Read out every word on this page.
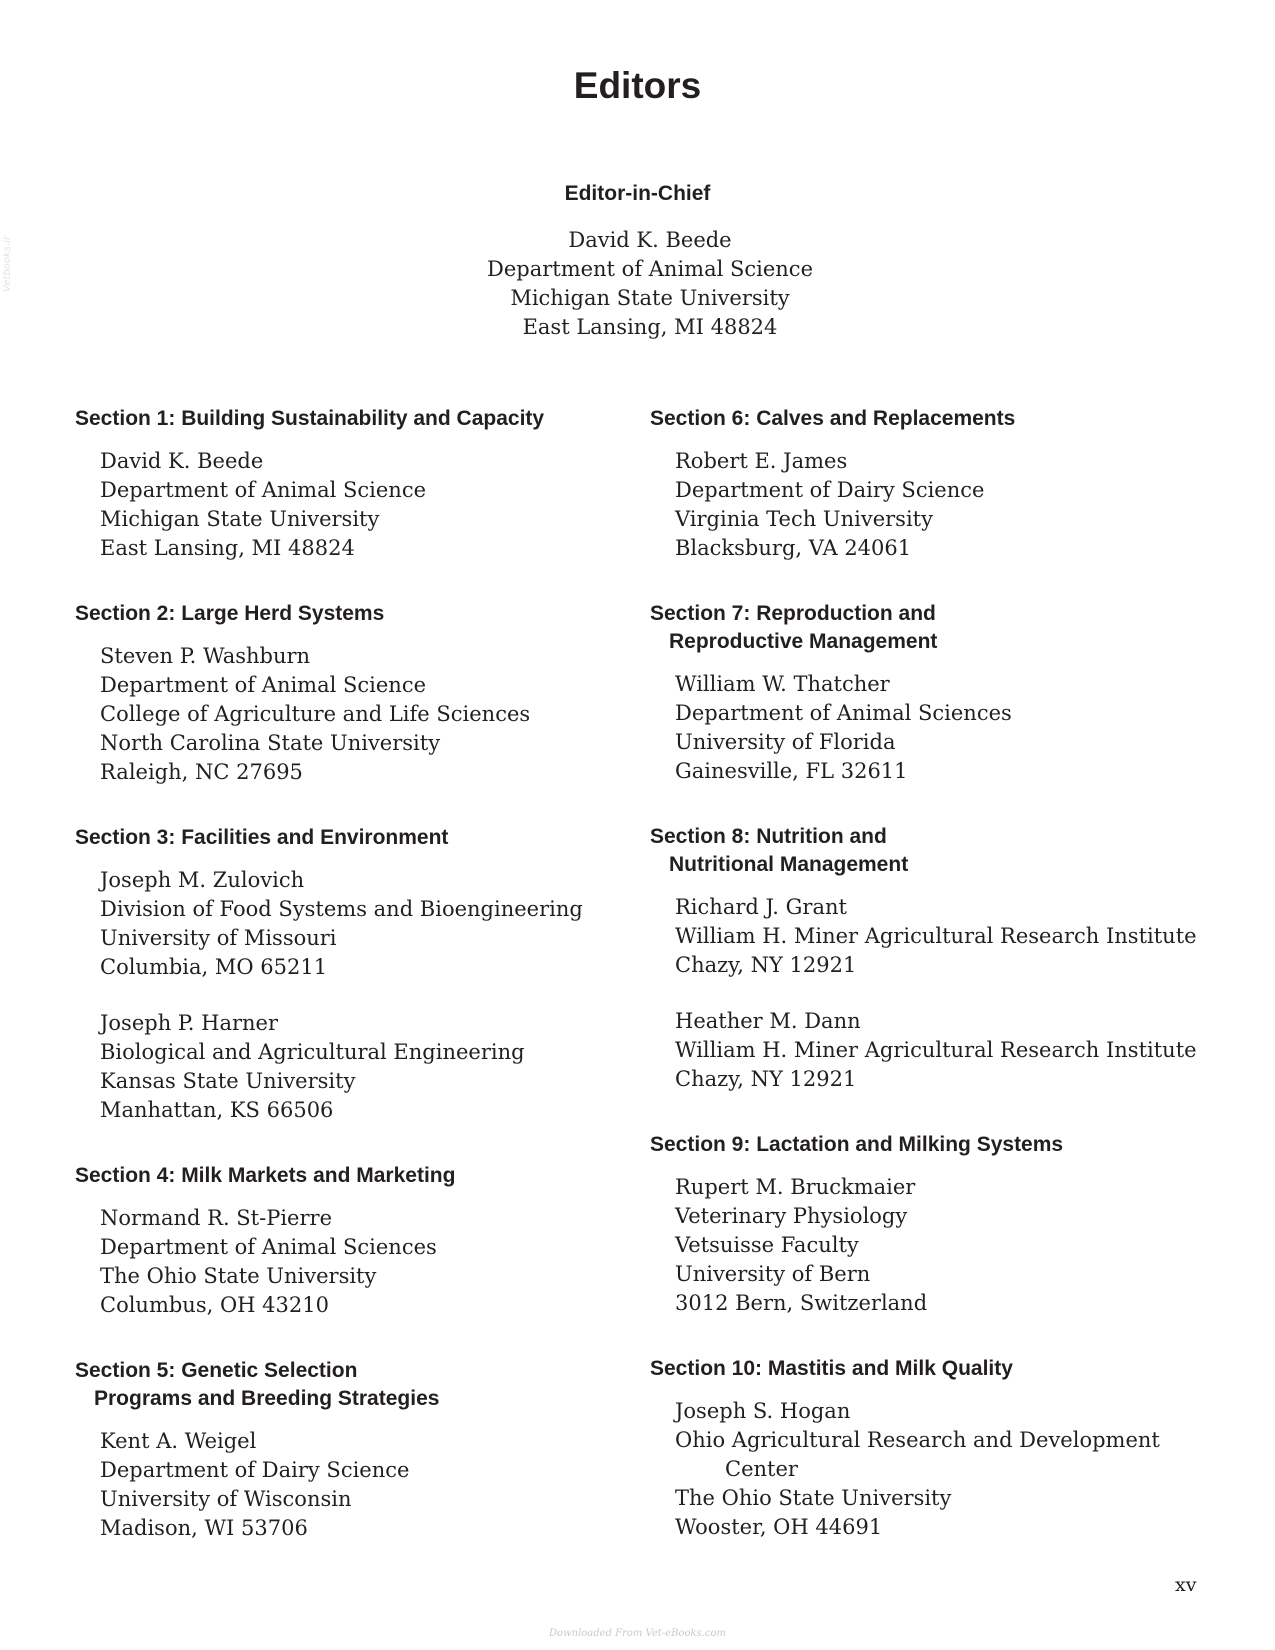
Vetbooks.ir
Editors
Editor-in-Chief
David K. Beede
Department of Animal Science
Michigan State University
East Lansing, MI 48824
Section 1: Building Sustainability and Capacity
David K. Beede
Department of Animal Science
Michigan State University
East Lansing, MI 48824
Section 2: Large Herd Systems
Steven P. Washburn
Department of Animal Science
College of Agriculture and Life Sciences
North Carolina State University
Raleigh, NC 27695
Section 3: Facilities and Environment
Joseph M. Zulovich
Division of Food Systems and Bioengineering
University of Missouri
Columbia, MO 65211
Joseph P. Harner
Biological and Agricultural Engineering
Kansas State University
Manhattan, KS 66506
Section 4: Milk Markets and Marketing
Normand R. St-Pierre
Department of Animal Sciences
The Ohio State University
Columbus, OH 43210
Section 5: Genetic Selection
Programs and Breeding Strategies
Kent A. Weigel
Department of Dairy Science
University of Wisconsin
Madison, WI 53706
Section 6: Calves and Replacements
Robert E. James
Department of Dairy Science
Virginia Tech University
Blacksburg, VA 24061
Section 7: Reproduction and
Reproductive Management
William W. Thatcher
Department of Animal Sciences
University of Florida
Gainesville, FL 32611
Section 8: Nutrition and
Nutritional Management
Richard J. Grant
William H. Miner Agricultural Research Institute
Chazy, NY 12921
Heather M. Dann
William H. Miner Agricultural Research Institute
Chazy, NY 12921
Section 9: Lactation and Milking Systems
Rupert M. Bruckmaier
Veterinary Physiology
Vetsuisse Faculty
University of Bern
3012 Bern, Switzerland
Section 10: Mastitis and Milk Quality
Joseph S. Hogan
Ohio Agricultural Research and Development
Center
The Ohio State University
Wooster, OH 44691
xv
Downloaded From Vet-eBooks.com
